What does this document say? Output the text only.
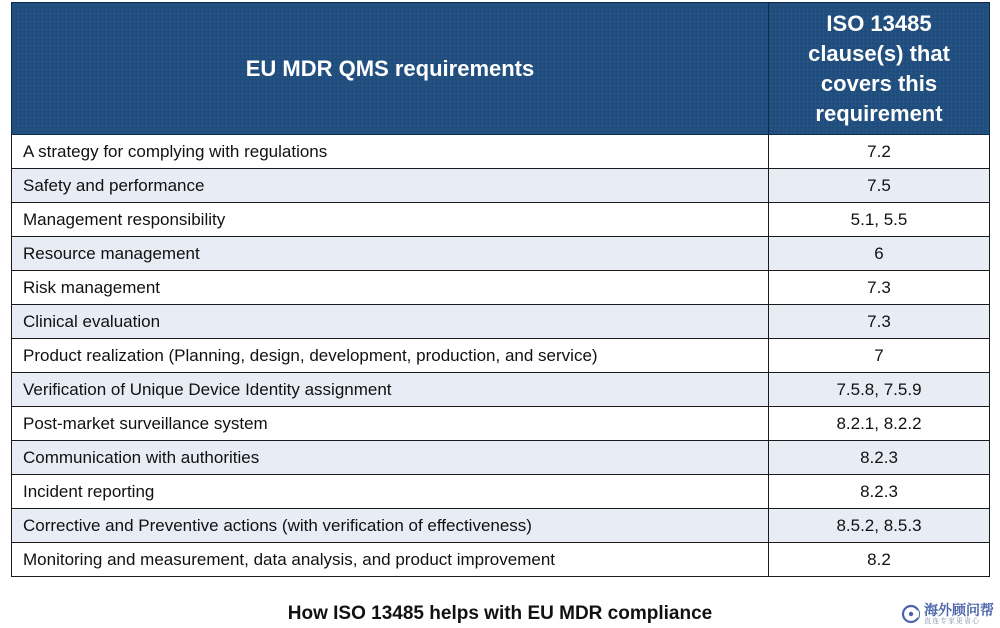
EU MDR QMS requirements	ISO 13485
clause(s) that
covers this
requirement

A strategy for complying with regulations	7.2
Safety and performance	7.5
Management responsibility	5.1, 5.5
Resource management	6
Risk management	7.3
Clinical evaluation	7.3
Product realization (Planning, design, development, production, and service)	7
Verification of Unique Device Identity assignment	7.5.8, 7.5.9
Post-market surveillance system	8.2.1, 8.2.2
Communication with authorities	8.2.3
Incident reporting	8.2.3
Corrective and Preventive actions (with verification of effectiveness)	8.5.2, 8.5.3
Monitoring and measurement, data analysis, and product improvement	8.2
How ISO 13485 helps with EU MDR compliance	海外顾问帮
直连专家更省心
